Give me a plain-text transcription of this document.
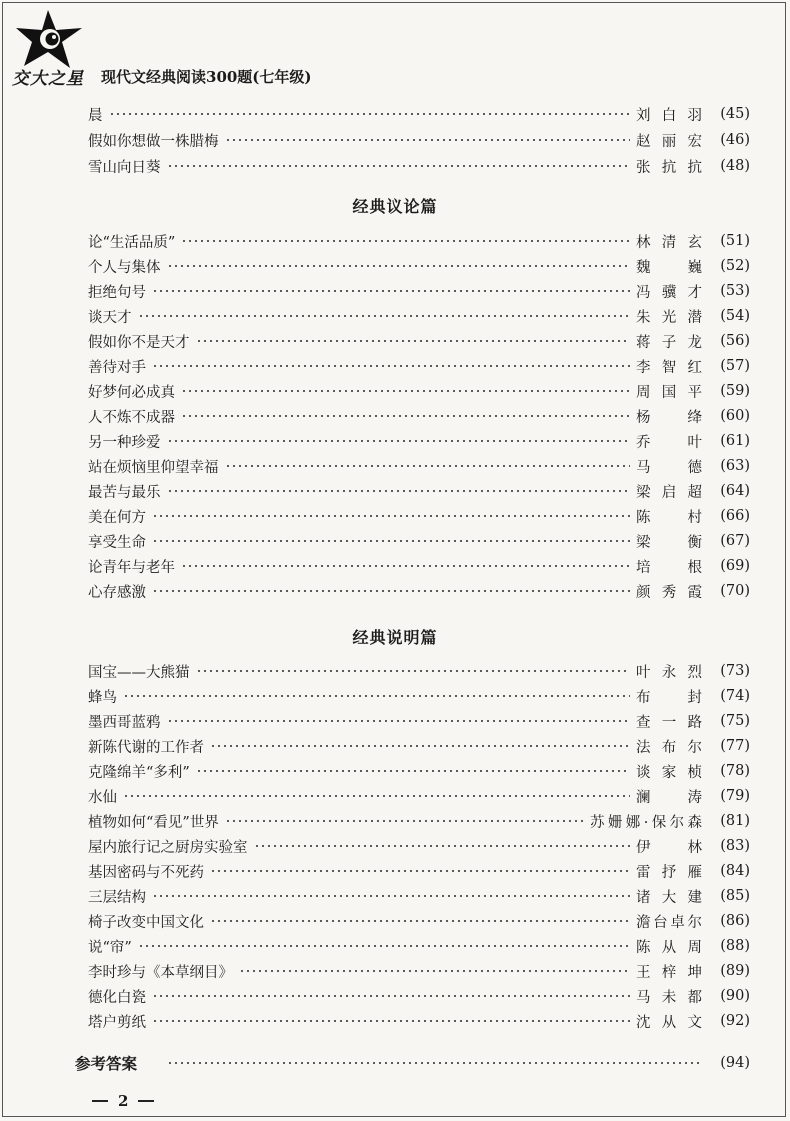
交大之星 现代文经典阅读300题(七年级)
晨	刘白羽	(45)
假如你想做一株腊梅	赵丽宏	(46)
雪山向日葵	张抗抗	(48)
经典议论篇
论“生活品质”	林清玄	(51)
个人与集体	魏巍	(52)
拒绝句号	冯骥才	(53)
谈天才	朱光潜	(54)
假如你不是天才	蒋子龙	(56)
善待对手	李智红	(57)
好梦何必成真	周国平	(59)
人不炼不成器	杨绛	(60)
另一种珍爱	乔叶	(61)
站在烦恼里仰望幸福	马德	(63)
最苦与最乐	梁启超	(64)
美在何方	陈村	(66)
享受生命	梁衡	(67)
论青年与老年	培根	(69)
心存感激	颜秀霞	(70)
经典说明篇
国宝——大熊猫	叶永烈	(73)
蜂鸟	布封	(74)
墨西哥蓝鸦	查一路	(75)
新陈代谢的工作者	法布尔	(77)
克隆绵羊“多利”	谈家桢	(78)
水仙	澜涛	(79)
植物如何“看见”世界	苏姗娜·保尔森	(81)
屋内旅行记之厨房实验室	伊林	(83)
基因密码与不死药	雷抒雁	(84)
三层结构	诸大建	(85)
椅子改变中国文化	澹台卓尔	(86)
说“帘”	陈从周	(88)
李时珍与《本草纲目》	王梓坤	(89)
德化白瓷	马未都	(90)
塔户剪纸	沈从文	(92)
参考答案	(94)
2
